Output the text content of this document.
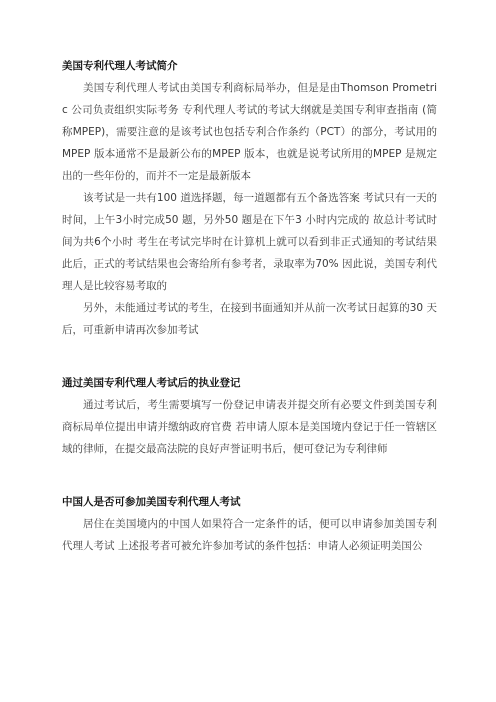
美国专利代理人考试简介

美国专利代理人考试由美国专利商标局举办，但是是由Thomson Prometric 公司负责组织实际考务 专利代理人考试的考试大纲就是美国专利审查指南 (简称MPEP)，需要注意的是该考试也包括专利合作条约（PCT）的部分，考试用的MPEP 版本通常不是最新公布的MPEP 版本，也就是说考试所用的MPEP 是规定出的一些年份的，而并不一定是最新版本

该考试是一共有100 道选择题，每一道题都有五个备选答案 考试只有一天的时间，上午3小时完成50 题，另外50 题是在下午3 小时内完成的 故总计考试时间为共6个小时 考生在考试完毕时在计算机上就可以看到非正式通知的考试结果 此后，正式的考试结果也会寄给所有参考者，录取率为70% 因此说，美国专利代理人是比较容易考取的

另外，未能通过考试的考生，在接到书面通知并从前一次考试日起算的30 天后，可重新申请再次参加考试

通过美国专利代理人考试后的执业登记

通过考试后，考生需要填写一份登记申请表并提交所有必要文件到美国专利商标局单位提出申请并缴纳政府官费 若申请人原本是美国境内登记于任一管辖区域的律师，在提交最高法院的良好声誉证明书后，便可登记为专利律师

中国人是否可参加美国专利代理人考试

居住在美国境内的中国人如果符合一定条件的话，便可以申请参加美国专利代理人考试 上述报考者可被允许参加考试的条件包括：申请人必须证明美国公
